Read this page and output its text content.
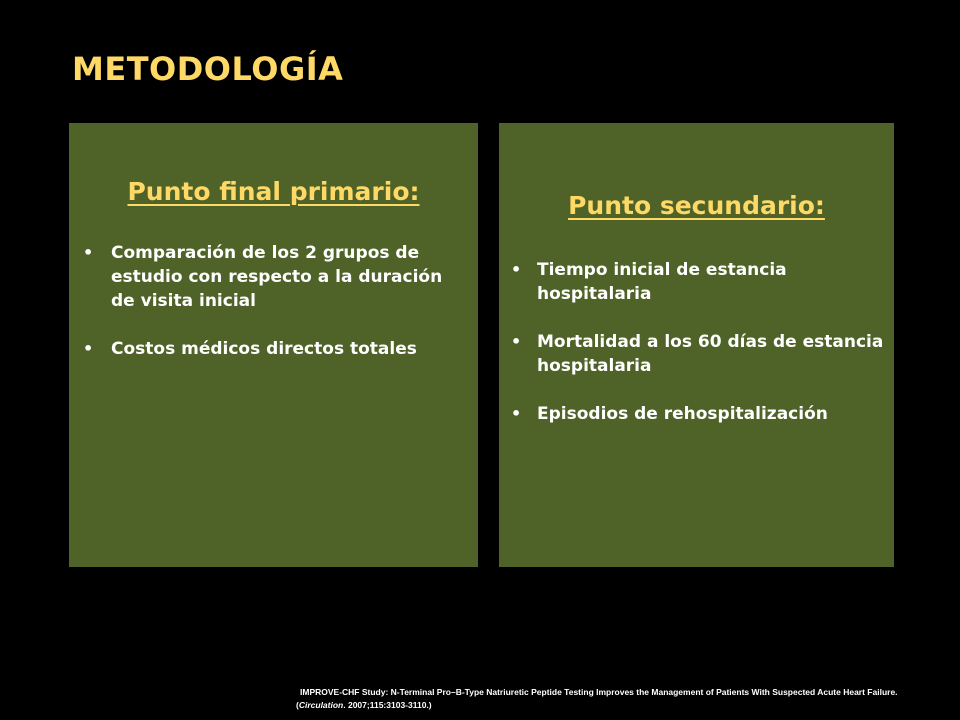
METODOLOGÍA
Punto final primario:
• Comparación de los 2 grupos de estudio con respecto a la duración de visita inicial
• Costos médicos directos totales
Punto secundario:
• Tiempo inicial de estancia hospitalaria
• Mortalidad a los 60 días de estancia hospitalaria
• Episodios de rehospitalización
IMPROVE-CHF Study: N-Terminal Pro–B-Type Natriuretic Peptide Testing Improves the Management of Patients With Suspected Acute Heart Failure.
(Circulation. 2007;115:3103-3110.)
